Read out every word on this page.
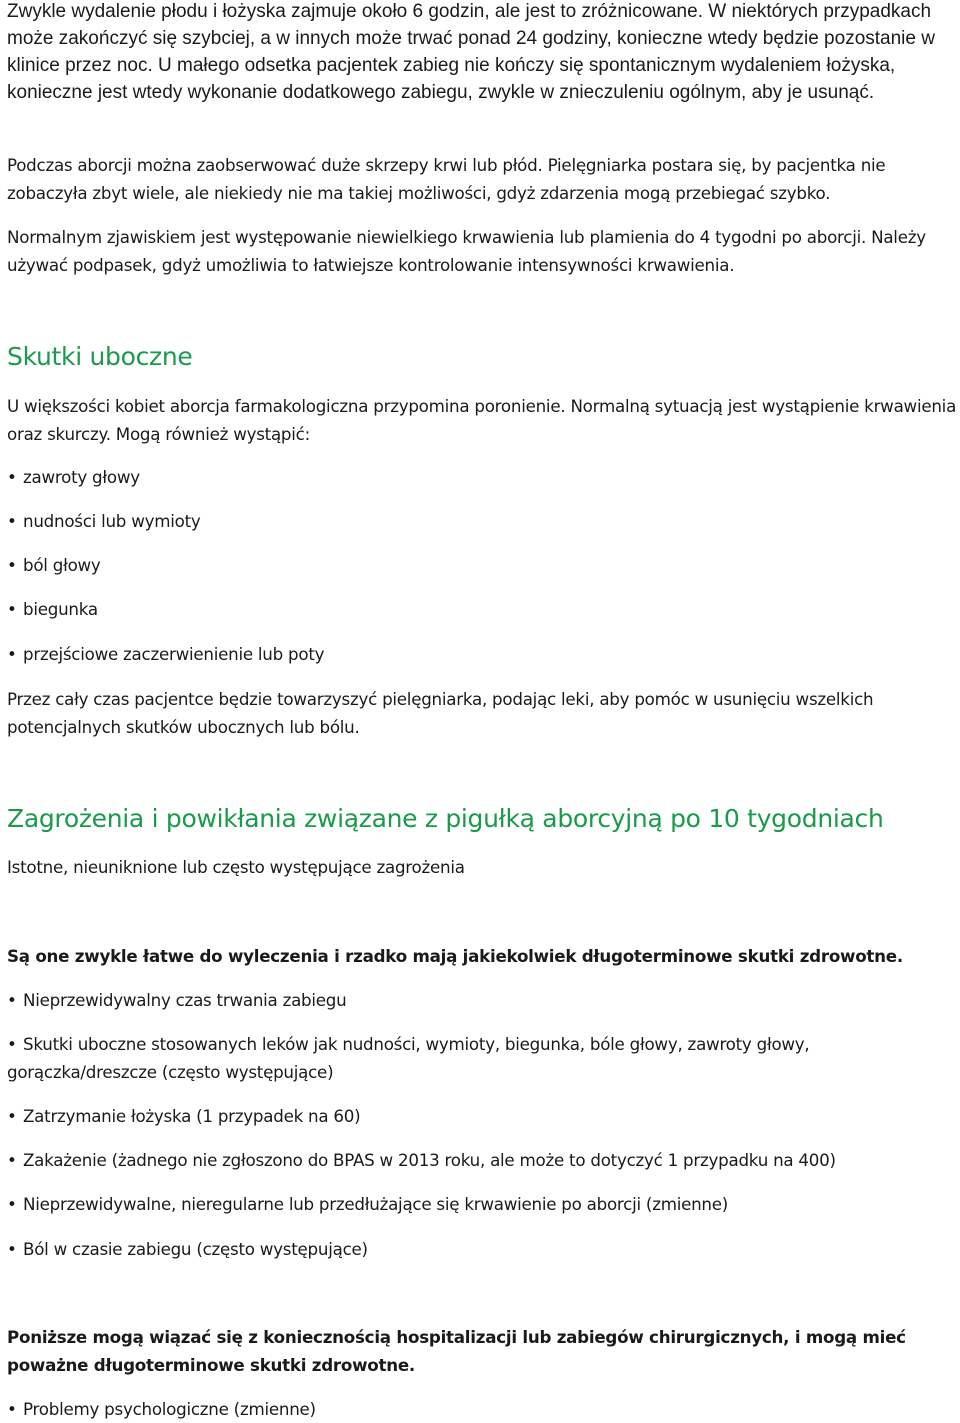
Zwykle wydalenie płodu i łożyska zajmuje około 6 godzin, ale jest to zróżnicowane. W niektórych przypadkach może zakończyć się szybciej, a w innych może trwać ponad 24 godziny, konieczne wtedy będzie pozostanie w klinice przez noc. U małego odsetka pacjentek zabieg nie kończy się spontanicznym wydaleniem łożyska, konieczne jest wtedy wykonanie dodatkowego zabiegu, zwykle w znieczuleniu ogólnym, aby je usunąć.

Podczas aborcji można zaobserwować duże skrzepy krwi lub płód. Pielęgniarka postara się, by pacjentka nie zobaczyła zbyt wiele, ale niekiedy nie ma takiej możliwości, gdyż zdarzenia mogą przebiegać szybko.

Normalnym zjawiskiem jest występowanie niewielkiego krwawienia lub plamienia do 4 tygodni po aborcji. Należy używać podpasek, gdyż umożliwia to łatwiejsze kontrolowanie intensywności krwawienia.

Skutki uboczne

U większości kobiet aborcja farmakologiczna przypomina poronienie. Normalną sytuacją jest wystąpienie krwawienia oraz skurczy. Mogą również wystąpić:

• zawroty głowy
• nudności lub wymioty
• ból głowy
• biegunka
• przejściowe zaczerwienienie lub poty

Przez cały czas pacjentce będzie towarzyszyć pielęgniarka, podając leki, aby pomóc w usunięciu wszelkich potencjalnych skutków ubocznych lub bólu.

Zagrożenia i powikłania związane z pigułką aborcyjną po 10 tygodniach

Istotne, nieuniknione lub często występujące zagrożenia

Są one zwykle łatwe do wyleczenia i rzadko mają jakiekolwiek długoterminowe skutki zdrowotne.

• Nieprzewidywalny czas trwania zabiegu

• Skutki uboczne stosowanych leków jak nudności, wymioty, biegunka, bóle głowy, zawroty głowy, gorączka/dreszcze (często występujące)

• Zatrzymanie łożyska (1 przypadek na 60)
• Zakażenie (żadnego nie zgłoszono do BPAS w 2013 roku, ale może to dotyczyć 1 przypadku na 400)
• Nieprzewidywalne, nieregularne lub przedłużające się krwawienie po aborcji (zmienne)
• Ból w czasie zabiegu (często występujące)

Poniższe mogą wiązać się z koniecznością hospitalizacji lub zabiegów chirurgicznych, i mogą mieć poważne długoterminowe skutki zdrowotne.

• Problemy psychologiczne (zmienne)
